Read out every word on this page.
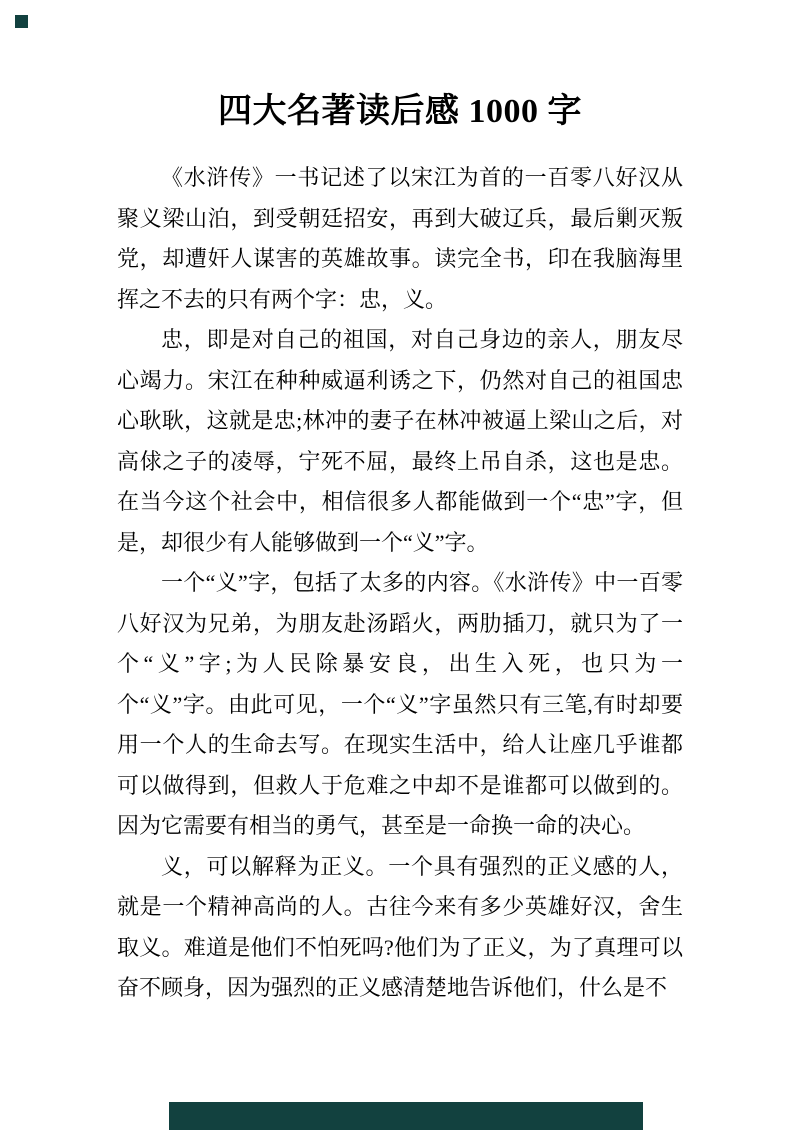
四大名著读后感 1000 字

《水浒传》一书记述了以宋江为首的一百零八好汉从聚义梁山泊，到受朝廷招安，再到大破辽兵，最后剿灭叛党，却遭奸人谋害的英雄故事。读完全书，印在我脑海里挥之不去的只有两个字：忠，义。

忠，即是对自己的祖国，对自己身边的亲人，朋友尽心竭力。宋江在种种威逼利诱之下，仍然对自己的祖国忠心耿耿，这就是忠;林冲的妻子在林冲被逼上梁山之后，对高俅之子的凌辱，宁死不屈，最终上吊自杀，这也是忠。在当今这个社会中，相信很多人都能做到一个“忠”字，但是，却很少有人能够做到一个“义”字。

一个“义”字，包括了太多的内容。《水浒传》中一百零八好汉为兄弟，为朋友赴汤蹈火，两肋插刀，就只为了一个“义”字;为人民除暴安良，出生入死，也只为一个“义”字。由此可见，一个“义”字虽然只有三笔,有时却要用一个人的生命去写。在现实生活中，给人让座几乎谁都可以做得到，但救人于危难之中却不是谁都可以做到的。因为它需要有相当的勇气，甚至是一命换一命的决心。

义，可以解释为正义。一个具有强烈的正义感的人，就是一个精神高尚的人。古往今来有多少英雄好汉，舍生取义。难道是他们不怕死吗?他们为了正义，为了真理可以奋不顾身，因为强烈的正义感清楚地告诉他们，什么是不
